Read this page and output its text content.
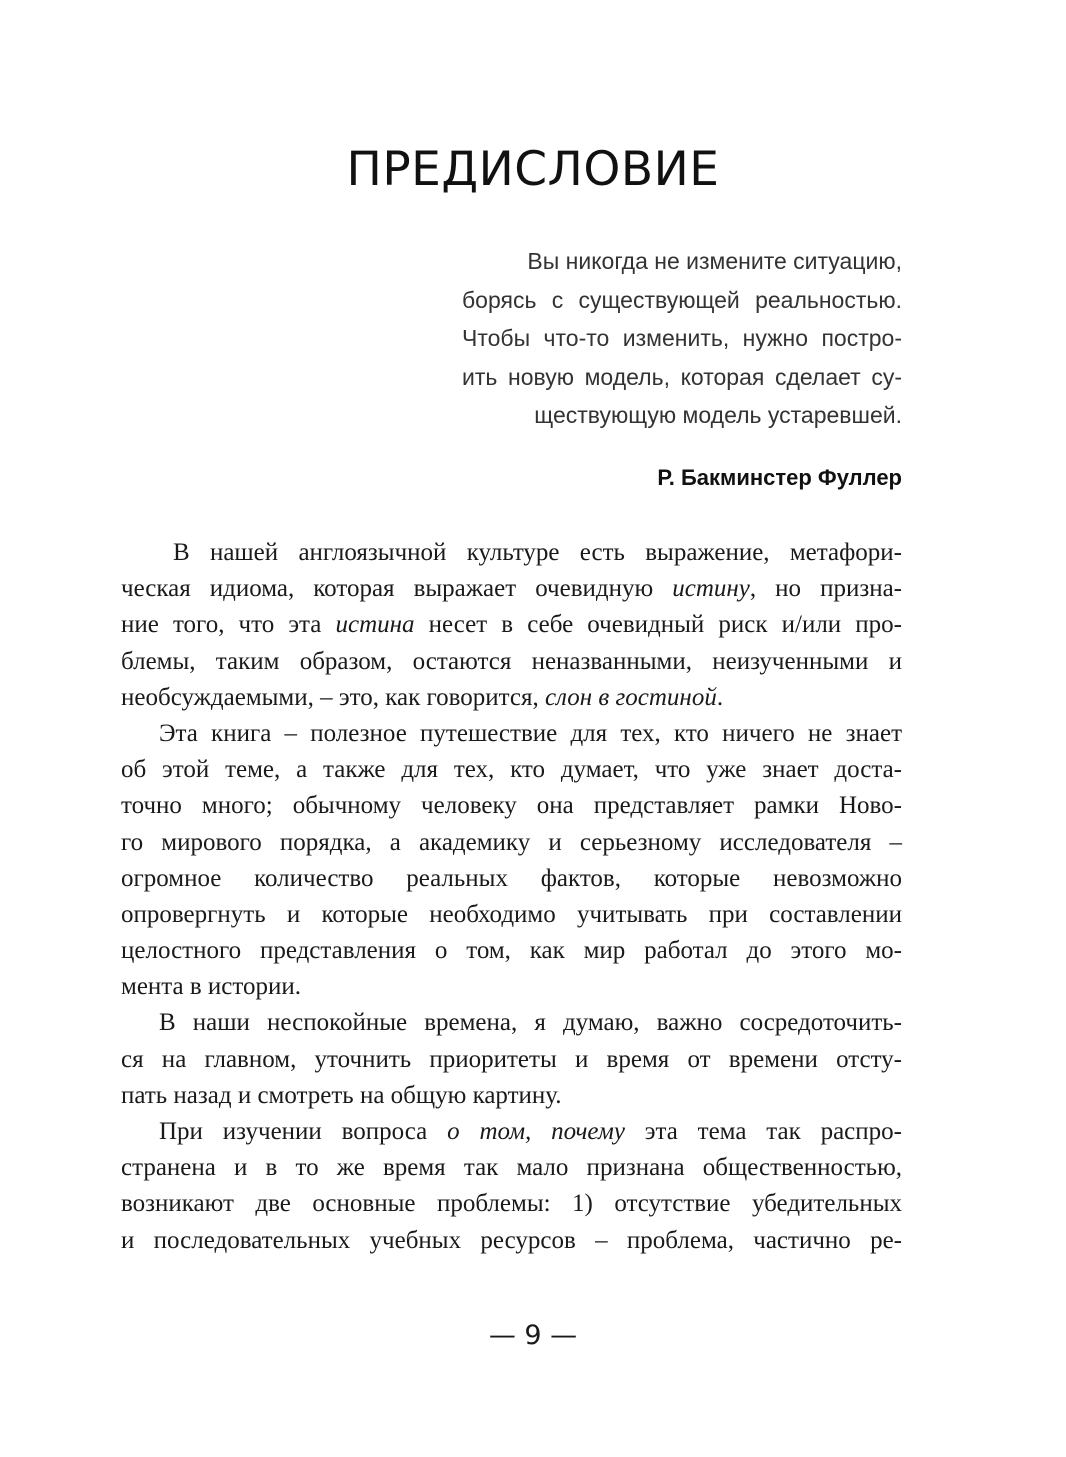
ПРЕДИСЛОВИЕ
Вы никогда не измените ситуацию,
борясь с существующей реальностью.
Чтобы что-то изменить, нужно постро-
ить новую модель, которая сделает су-
ществующую модель устаревшей.
Р. Бакминстер Фуллер
В нашей англоязычной культуре есть выражение, метафори-
ческая идиома, которая выражает очевидную истину, но призна-
ние того, что эта истина несет в себе очевидный риск и/или про-
блемы, таким образом, остаются неназванными, неизученными и
необсуждаемыми, – это, как говорится, слон в гостиной.
Эта книга – полезное путешествие для тех, кто ничего не знает
об этой теме, а также для тех, кто думает, что уже знает доста-
точно много; обычному человеку она представляет рамки Ново-
го мирового порядка, а академику и серьезному исследователя –
огромное количество реальных фактов, которые невозможно
опровергнуть и которые необходимо учитывать при составлении
целостного представления о том, как мир работал до этого мо-
мента в истории.
В наши неспокойные времена, я думаю, важно сосредоточить-
ся на главном, уточнить приоритеты и время от времени отсту-
пать назад и смотреть на общую картину.
При изучении вопроса о том, почему эта тема так распро-
странена и в то же время так мало признана общественностью,
возникают две основные проблемы: 1) отсутствие убедительных
и последовательных учебных ресурсов – проблема, частично ре-
— 9 —
